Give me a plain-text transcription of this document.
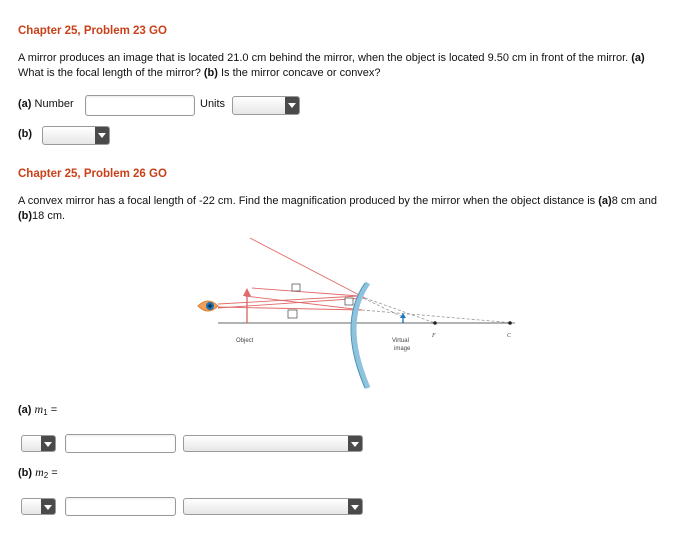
Chapter 25, Problem 23 GO
A mirror produces an image that is located 21.0 cm behind the mirror, when the object is located 9.50 cm in front of the mirror. (a)
What is the focal length of the mirror? (b) Is the mirror concave or convex?
(a) Number	Units
(b)
Chapter 25, Problem 26 GO
A convex mirror has a focal length of -22 cm. Find the magnification produced by the mirror when the object distance is (a)8 cm and
(b)18 cm.
Object	Virtual
image
F	C
(a) $m_1$ =
(b) $m_2$ =
